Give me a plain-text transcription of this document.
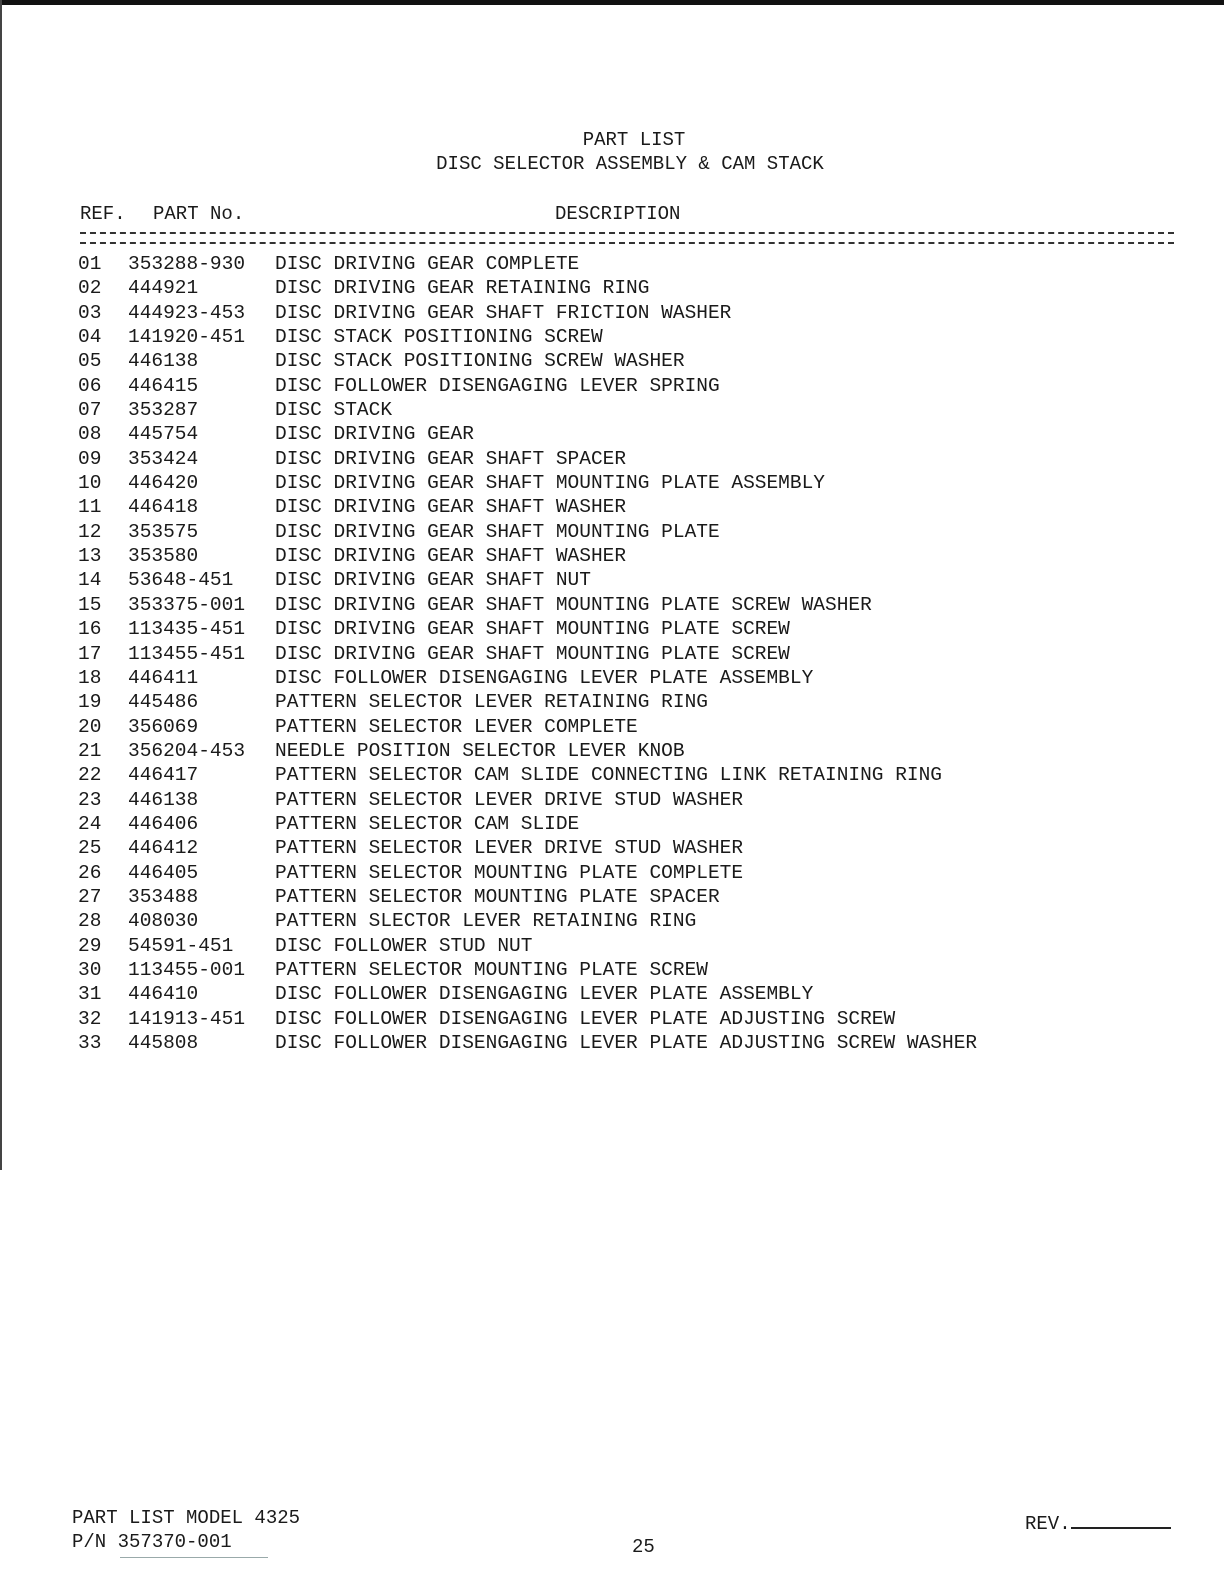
PART LIST
DISC SELECTOR ASSEMBLY & CAM STACK
REF. PART No.	DESCRIPTION
01 353288-930 DISC DRIVING GEAR COMPLETE
02 444921	DISC DRIVING GEAR RETAINING RING
03 444923-453 DISC DRIVING GEAR SHAFT FRICTION WASHER
04 141920-451 DISC STACK POSITIONING SCREW
05 446138	DISC STACK POSITIONING SCREW WASHER
06 446415	DISC FOLLOWER DISENGAGING LEVER SPRING
07 353287	DISC STACK
08 445754	DISC DRIVING GEAR
09 353424	DISC DRIVING GEAR SHAFT SPACER
10 446420	DISC DRIVING GEAR SHAFT MOUNTING PLATE ASSEMBLY
11 446418	DISC DRIVING GEAR SHAFT WASHER
12 353575	DISC DRIVING GEAR SHAFT MOUNTING PLATE
13 353580	DISC DRIVING GEAR SHAFT WASHER
14 53648-451 DISC DRIVING GEAR SHAFT NUT
15 353375-001 DISC DRIVING GEAR SHAFT MOUNTING PLATE SCREW WASHER
16 113435-451 DISC DRIVING GEAR SHAFT MOUNTING PLATE SCREW
17 113455-451 DISC DRIVING GEAR SHAFT MOUNTING PLATE SCREW
18 446411	DISC FOLLOWER DISENGAGING LEVER PLATE ASSEMBLY
19 445486	PATTERN SELECTOR LEVER RETAINING RING
20 356069	PATTERN SELECTOR LEVER COMPLETE
21 356204-453 NEEDLE POSITION SELECTOR LEVER KNOB
22 446417	PATTERN SELECTOR CAM SLIDE CONNECTING LINK RETAINING RING
23 446138	PATTERN SELECTOR LEVER DRIVE STUD WASHER
24 446406	PATTERN SELECTOR CAM SLIDE
25 446412	PATTERN SELECTOR LEVER DRIVE STUD WASHER
26 446405	PATTERN SELECTOR MOUNTING PLATE COMPLETE
27 353488	PATTERN SELECTOR MOUNTING PLATE SPACER
28 408030	PATTERN SLECTOR LEVER RETAINING RING
29 54591-451 DISC FOLLOWER STUD NUT
30 113455-001 PATTERN SELECTOR MOUNTING PLATE SCREW
31 446410	DISC FOLLOWER DISENGAGING LEVER PLATE ASSEMBLY
32 141913-451 DISC FOLLOWER DISENGAGING LEVER PLATE ADJUSTING SCREW
33 445808	DISC FOLLOWER DISENGAGING LEVER PLATE ADJUSTING SCREW WASHER
PART LIST MODEL 4325
P/N 357370-001	25
REV.
